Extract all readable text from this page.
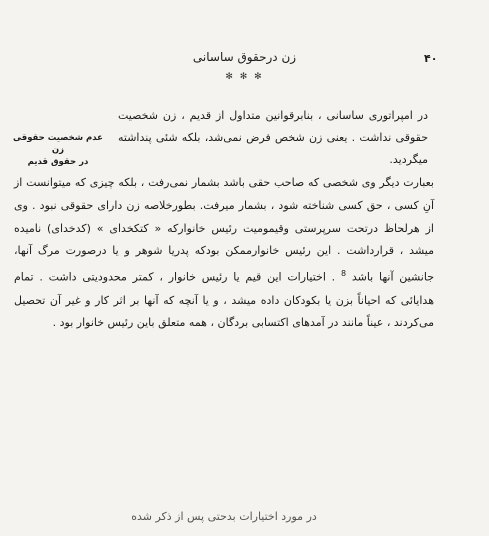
۴۰
زن درحقوق ساسانی
✻ ✻ ✻
عدم شخصیت حقوقی زن
در حقوق قدیم

در امپراتوری ساسانی ، بنابرقوانین متداول از قدیم ، زن شخصیت حقوقی نداشت . یعنی زن شخص فرض نمی‌شد، بلکه شئی پنداشته میگردید.

بعبارت دیگر وی شخصی که صاحب حقی باشد بشمار نمی‌رفت ، بلکه چیزی که میتوانست از آنِ کسی ، حق کسی شناخته شود ، بشمار میرفت. بطورخلاصه زن دارای حقوقی نبود . وی از هرلحاظ درتحت سرپرستی وقیمومیت رئیس خانوارکه « کتکخدای » (کدخدای) نامیده میشد ، قرارداشت . این رئیس خانوارممکن بودکه پدریا شوهر و یا درصورت مرگ آنها، جانشین آنها باشد $^8$ . اختیارات این قیم یا رئیس خانوار ، کمتر محدودیتی داشت . تمام هدایائی که احیاناً بزن یا بکودکان داده میشد ، و یا آنچه که آنها بر اثر کار و غیر آن تحصیل می‌کردند ، عیناً مانند در آمدهای اکتسابی بردگان ، همه متعلق باین رئیس خانوار بود .

در مورد اختیارات بدحتی پس از ذکر شده
